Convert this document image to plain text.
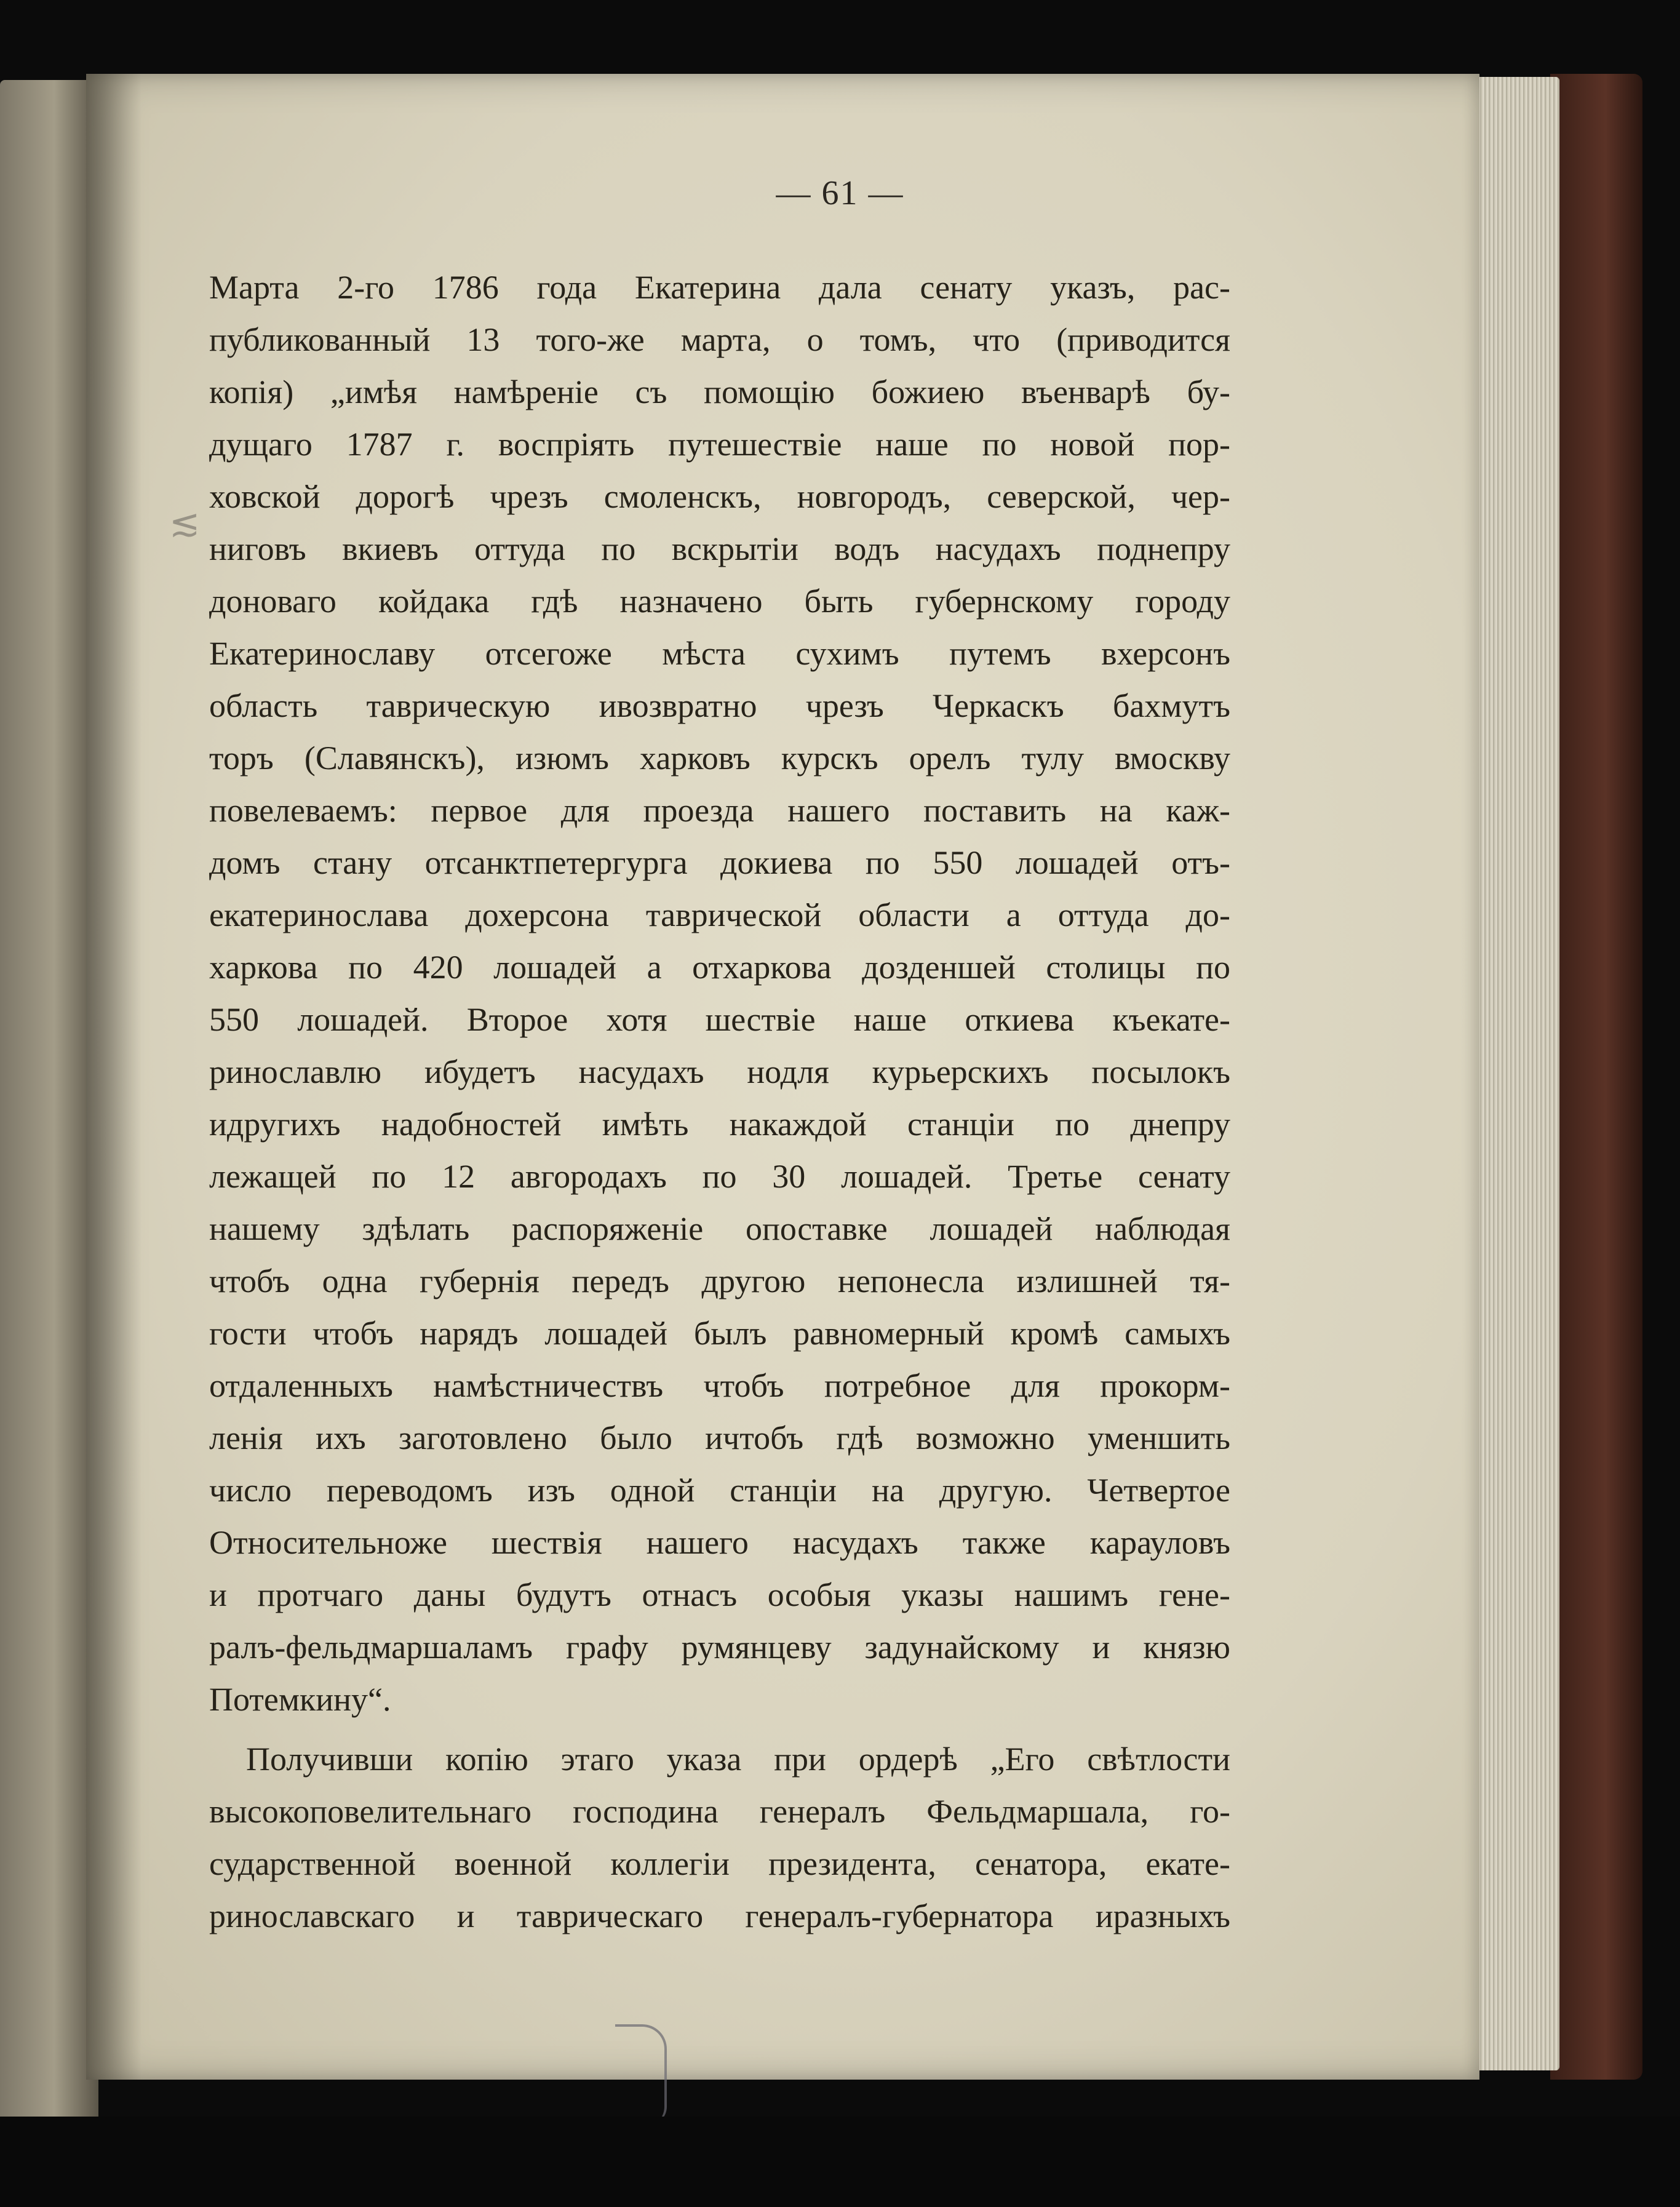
— 61 —
Марта 2-го 1786 года Екатерина дала сенату указъ, рас-
публикованный 13 того-же марта, о томъ, что (приводится
копія) „имѣя намѣреніе съ помощію божиею въенварѣ бу-
дущаго 1787 г. воспріять путешествіе наше по новой пор-
ховской дорогѣ чрезъ смоленскъ, новгородъ, северской, чер-
ниговъ вкиевъ оттуда по вскрытіи водъ насудахъ поднепру
доноваго койдака гдѣ назначено быть губернскому городу
Екатеринославу отсегоже мѣста сухимъ путемъ вхерсонъ
область таврическую ивозвратно чрезъ Черкаскъ бахмутъ
торъ (Славянскъ), изюмъ харковъ курскъ орелъ тулу вмоскву
повелеваемъ: первое для проезда нашего поставить на каж-
домъ стану отсанктпетергурга докиева по 550 лошадей отъ-
екатеринослава дохерсона таврической области а оттуда до-
харкова по 420 лошадей а отхаркова дозденшей столицы по
550 лошадей. Второе хотя шествіе наше откиева къекате-
ринославлю ибудетъ насудахъ нодля курьерскихъ посылокъ
идругихъ надобностей имѣть накаждой станціи по днепру
лежащей по 12 авгородахъ по 30 лошадей. Третье сенату
нашему здѣлать распоряженіе опоставке лошадей наблюдая
чтобъ одна губернія передъ другою непонесла излишней тя-
гости чтобъ нарядъ лошадей былъ равномерный кромѣ самыхъ
отдаленныхъ намѣстничествъ чтобъ потребное для прокорм-
ленія ихъ заготовлено было ичтобъ гдѣ возможно уменшить
число переводомъ изъ одной станціи на другую. Четвертое
Относительноже шествія нашего насудахъ также карауловъ
и протчаго даны будутъ отнасъ особыя указы нашимъ гене-
ралъ-фельдмаршаламъ графу румянцеву задунайскому и князю
Потемкину“.
Получивши копію этаго указа при ордерѣ „Его свѣтлости
высокоповелительнаго господина генералъ Фельдмаршала, го-
сударственной военной коллегіи президента, сенатора, екате-
ринославскаго и таврическаго генералъ-губернатора иразныхъ
≲
